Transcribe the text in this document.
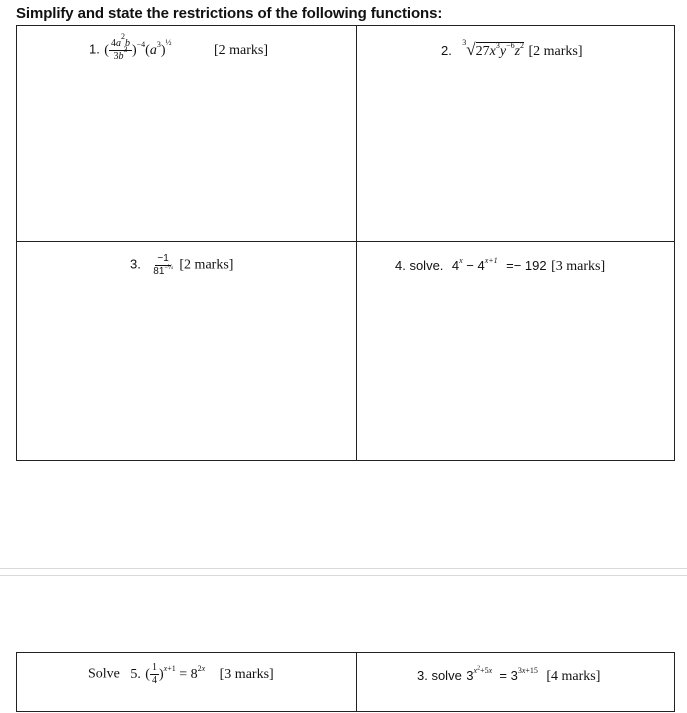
Simplify and state the restrictions of the following functions:
1. ( $\frac{4a^2b}{3b^3} )^{-4}(a^3)^{\frac{1}{2}}$ [2 marks]	2. $^3√27x^3y^{-6}z^2$ [2 marks]
3. $\frac{-1}{81^{-\frac{1}{4}}} [2$ marks]	4. solve. $4^x - 4^{x+1} =- 192$ [3 marks]
Solve 5. ( $\frac{1}{4} )^{x+1} = 8^{2x}$ [3 marks]	3. solve $3^{x^2+5x} = 3^{3x+15}$ [4 marks]
